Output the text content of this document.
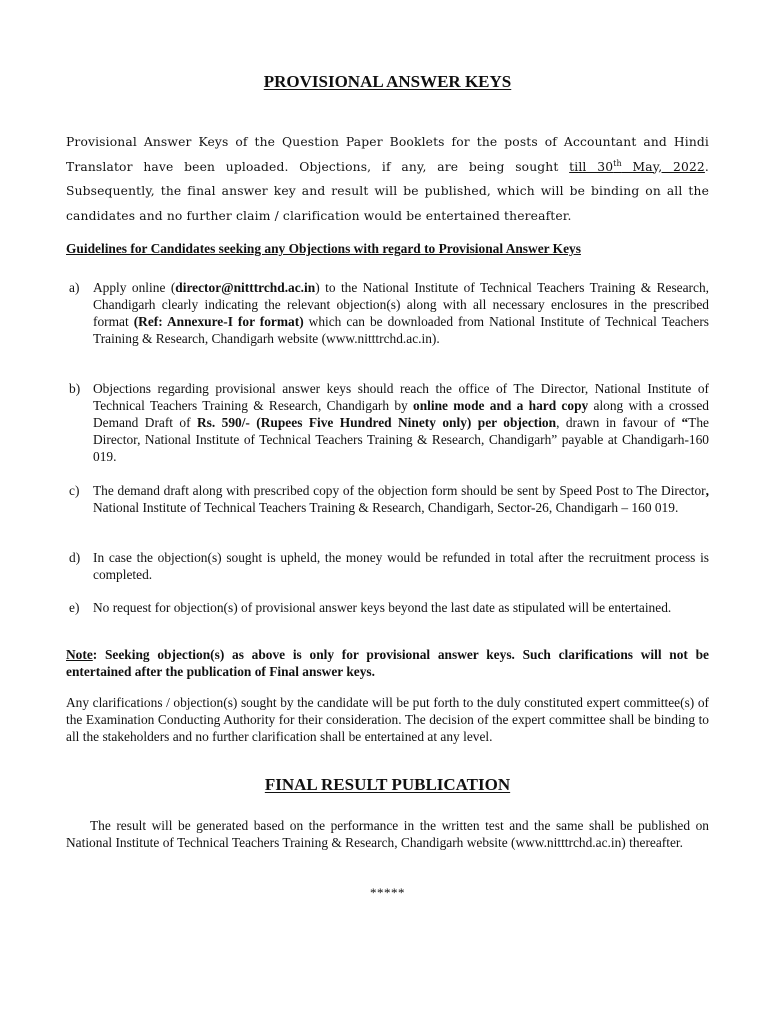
PROVISIONAL ANSWER KEYS

Provisional Answer Keys of the Question Paper Booklets for the posts of Accountant and Hindi Translator have been uploaded. Objections, if any, are being sought till 30th May, 2022. Subsequently, the final answer key and result will be published, which will be binding on all the candidates and no further claim / clarification would be entertained thereafter.

Guidelines for Candidates seeking any Objections with regard to Provisional Answer Keys

a) Apply online (director@nitttrchd.ac.in) to the National Institute of Technical Teachers Training & Research, Chandigarh clearly indicating the relevant objection(s) along with all necessary enclosures in the prescribed format (Ref: Annexure-I for format) which can be downloaded from National Institute of Technical Teachers Training & Research, Chandigarh website (www.nitttrchd.ac.in).

b) Objections regarding provisional answer keys should reach the office of The Director, National Institute of Technical Teachers Training & Research, Chandigarh by online mode and a hard copy along with a crossed Demand Draft of Rs. 590/- (Rupees Five Hundred Ninety only) per objection, drawn in favour of “The Director, National Institute of Technical Teachers Training & Research, Chandigarh” payable at Chandigarh-160 019.

c) The demand draft along with prescribed copy of the objection form should be sent by Speed Post to The Director, National Institute of Technical Teachers Training & Research, Chandigarh, Sector-26, Chandigarh – 160 019.

d) In case the objection(s) sought is upheld, the money would be refunded in total after the recruitment process is completed.

e) No request for objection(s) of provisional answer keys beyond the last date as stipulated will be entertained.

Note: Seeking objection(s) as above is only for provisional answer keys. Such clarifications will not be entertained after the publication of Final answer keys.

Any clarifications / objection(s) sought by the candidate will be put forth to the duly constituted expert committee(s) of the Examination Conducting Authority for their consideration. The decision of the expert committee shall be binding to all the stakeholders and no further clarification shall be entertained at any level.

FINAL RESULT PUBLICATION

The result will be generated based on the performance in the written test and the same shall be published on National Institute of Technical Teachers Training & Research, Chandigarh website (www.nitttrchd.ac.in) thereafter.

*****
